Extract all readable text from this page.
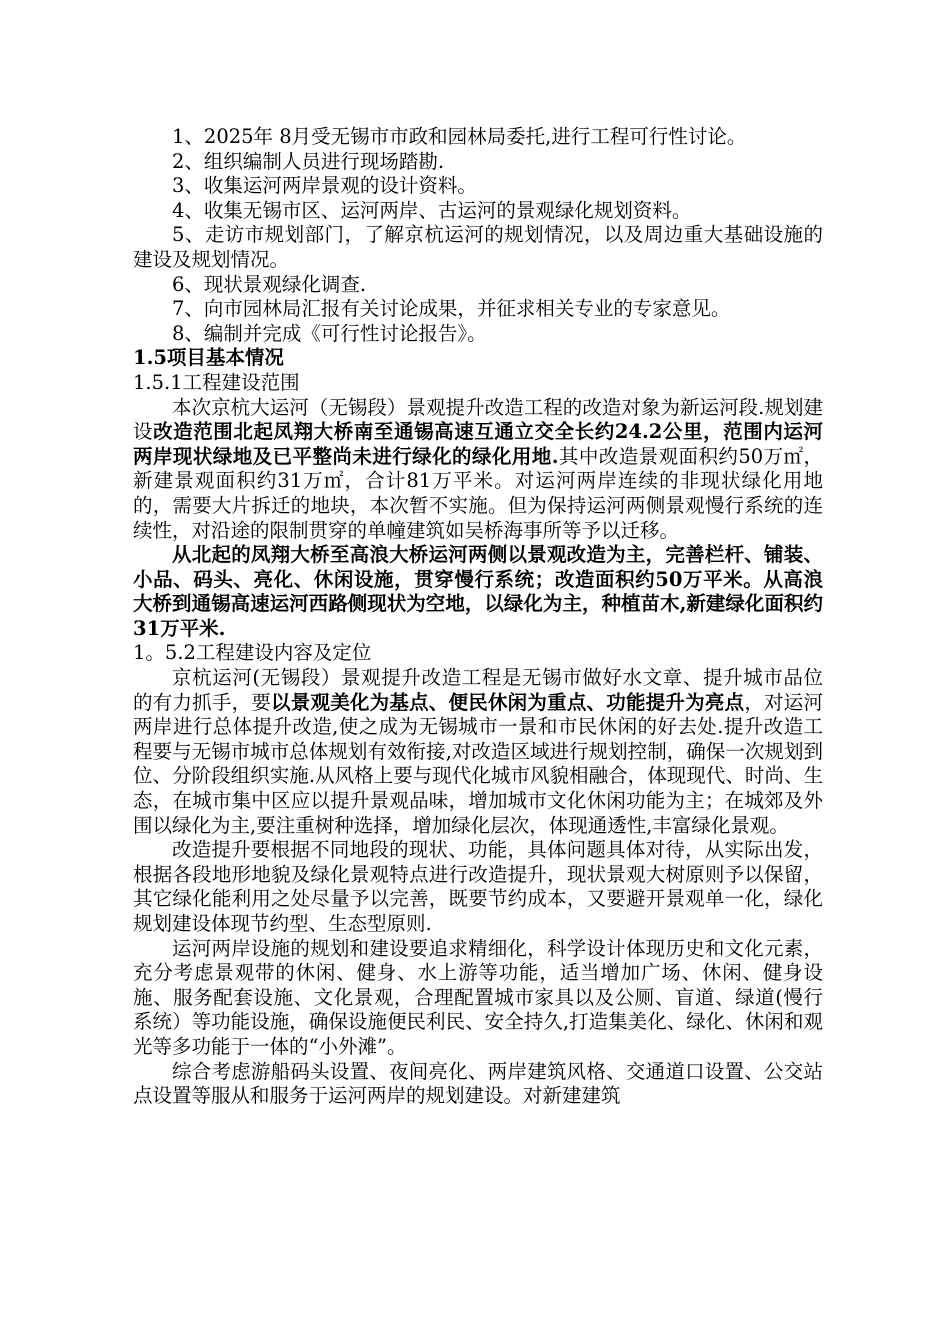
1、2025年 8月受无锡市市政和园林局委托,进行工程可行性讨论。

2、组织编制人员进行现场踏勘.

3、收集运河两岸景观的设计资料。

4、收集无锡市区、运河两岸、古运河的景观绿化规划资料。

5、走访市规划部门，了解京杭运河的规划情况，以及周边重大基础设施的建设及规划情况。

6、现状景观绿化调查.

7、向市园林局汇报有关讨论成果，并征求相关专业的专家意见。

8、编制并完成《可行性讨论报告》。

1.5项目基本情况

1.5.1工程建设范围

本次京杭大运河（无锡段）景观提升改造工程的改造对象为新运河段.规划建设改造范围北起凤翔大桥南至通锡高速互通立交全长约24.2公里，范围内运河两岸现状绿地及已平整尚未进行绿化的绿化用地.其中改造景观面积约50万㎡，新建景观面积约31万㎡，合计81万平米。对运河两岸连续的非现状绿化用地的，需要大片拆迁的地块，本次暂不实施。但为保持运河两侧景观慢行系统的连续性，对沿途的限制贯穿的单幢建筑如吴桥海事所等予以迁移。

从北起的凤翔大桥至高浪大桥运河两侧以景观改造为主，完善栏杆、铺装、小品、码头、亮化、休闲设施，贯穿慢行系统；改造面积约50万平米。从高浪大桥到通锡高速运河西路侧现状为空地，以绿化为主，种植苗木,新建绿化面积约31万平米.

1。5.2工程建设内容及定位

京杭运河(无锡段）景观提升改造工程是无锡市做好水文章、提升城市品位的有力抓手，要以景观美化为基点、便民休闲为重点、功能提升为亮点，对运河两岸进行总体提升改造,使之成为无锡城市一景和市民休闲的好去处.提升改造工程要与无锡市城市总体规划有效衔接,对改造区域进行规划控制，确保一次规划到位、分阶段组织实施.从风格上要与现代化城市风貌相融合，体现现代、时尚、生态，在城市集中区应以提升景观品味，增加城市文化休闲功能为主；在城郊及外围以绿化为主,要注重树种选择，增加绿化层次，体现通透性,丰富绿化景观。

改造提升要根据不同地段的现状、功能，具体问题具体对待，从实际出发，根据各段地形地貌及绿化景观特点进行改造提升，现状景观大树原则予以保留，其它绿化能利用之处尽量予以完善，既要节约成本，又要避开景观单一化，绿化规划建设体现节约型、生态型原则.

运河两岸设施的规划和建设要追求精细化，科学设计体现历史和文化元素，充分考虑景观带的休闲、健身、水上游等功能，适当增加广场、休闲、健身设施、服务配套设施、文化景观，合理配置城市家具以及公厕、盲道、绿道(慢行系统）等功能设施，确保设施便民利民、安全持久,打造集美化、绿化、休闲和观光等多功能于一体的“小外滩”。

综合考虑游船码头设置、夜间亮化、两岸建筑风格、交通道口设置、公交站点设置等服从和服务于运河两岸的规划建设。对新建建筑
